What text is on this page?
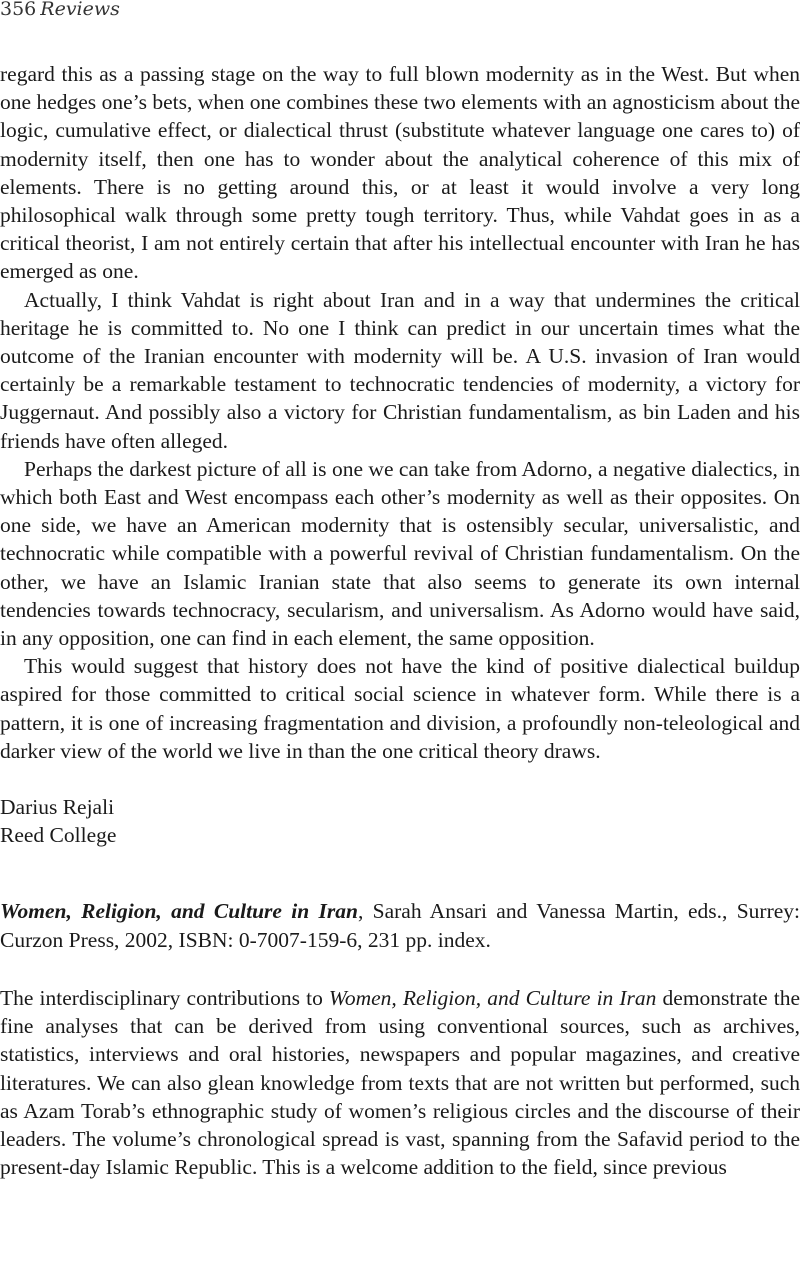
356 Reviews

regard this as a passing stage on the way to full blown modernity as in the West. But when one hedges one’s bets, when one combines these two elements with an agnosticism about the logic, cumulative effect, or dialectical thrust (substitute whatever language one cares to) of modernity itself, then one has to wonder about the analytical coherence of this mix of elements. There is no getting around this, or at least it would involve a very long philosophical walk through some pretty tough territory. Thus, while Vahdat goes in as a critical theorist, I am not entirely certain that after his intellectual encounter with Iran he has emerged as one.

Actually, I think Vahdat is right about Iran and in a way that undermines the critical heritage he is committed to. No one I think can predict in our uncertain times what the outcome of the Iranian encounter with modernity will be. A U.S. invasion of Iran would certainly be a remarkable testament to technocratic tendencies of modernity, a victory for Juggernaut. And possibly also a victory for Christian fundamentalism, as bin Laden and his friends have often alleged.

Perhaps the darkest picture of all is one we can take from Adorno, a negative dialectics, in which both East and West encompass each other’s modernity as well as their opposites. On one side, we have an American modernity that is ostensibly secular, universalistic, and technocratic while compatible with a powerful revival of Christian fundamentalism. On the other, we have an Islamic Iranian state that also seems to generate its own internal tendencies towards technocracy, secularism, and universalism. As Adorno would have said, in any opposition, one can find in each element, the same opposition.

This would suggest that history does not have the kind of positive dialectical buildup aspired for those committed to critical social science in whatever form. While there is a pattern, it is one of increasing fragmentation and division, a profoundly non-teleological and darker view of the world we live in than the one critical theory draws.

Darius Rejali

Reed College

Women, Religion, and Culture in Iran, Sarah Ansari and Vanessa Martin, eds., Surrey: Curzon Press, 2002, ISBN: 0-7007-159-6, 231 pp. index.

The interdisciplinary contributions to Women, Religion, and Culture in Iran demonstrate the fine analyses that can be derived from using conventional sources, such as archives, statistics, interviews and oral histories, newspapers and popular magazines, and creative literatures. We can also glean knowledge from texts that are not written but performed, such as Azam Torab’s ethnographic study of women’s religious circles and the discourse of their leaders. The volume’s chronological spread is vast, spanning from the Safavid period to the present-day Islamic Republic. This is a welcome addition to the field, since previous
